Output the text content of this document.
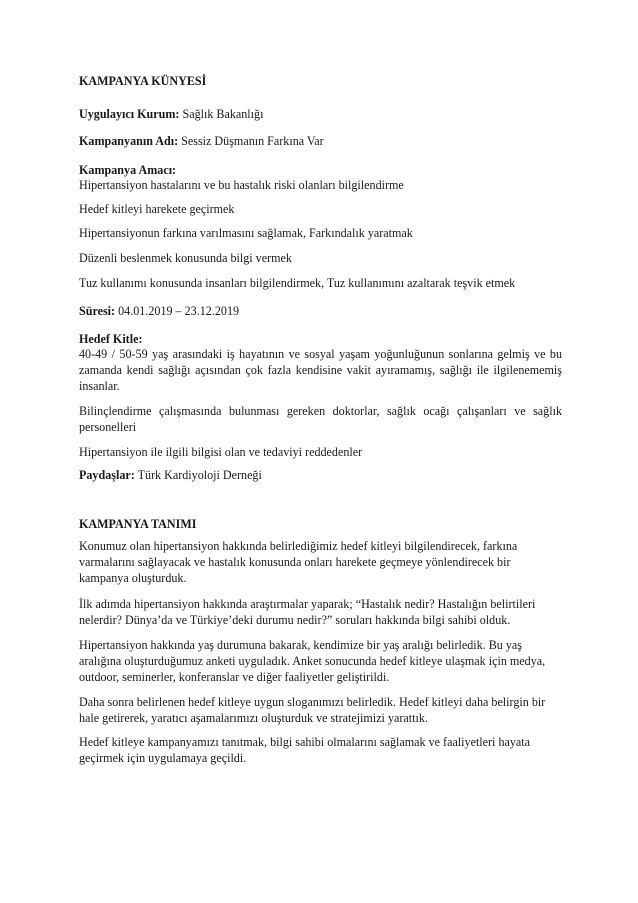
KAMPANYA KÜNYESİ

Uygulayıcı Kurum: Sağlık Bakanlığı

Kampanyanın Adı: Sessiz Düşmanın Farkına Var

Kampanya Amacı:

Hipertansiyon hastalarını ve bu hastalık riski olanları bilgilendirme

Hedef kitleyi harekete geçirmek

Hipertansiyonun farkına varılmasını sağlamak, Farkındalık yaratmak

Düzenli beslenmek konusunda bilgi vermek

Tuz kullanımı konusunda insanları bilgilendirmek, Tuz kullanımını azaltarak teşvik etmek

Süresi: 04.01.2019 – 23.12.2019

Hedef Kitle:

40-49 / 50-59 yaş arasındaki iş hayatının ve sosyal yaşam yoğunluğunun sonlarına gelmiş ve bu zamanda kendi sağlığı açısından çok fazla kendisine vakit ayıramamış, sağlığı ile ilgilenememiş insanlar.

Bilinçlendirme çalışmasında bulunması gereken doktorlar, sağlık ocağı çalışanları ve sağlık personelleri

Hipertansiyon ile ilgili bilgisi olan ve tedaviyi reddedenler

Paydaşlar: Türk Kardiyoloji Derneği

KAMPANYA TANIMI

Konumuz olan hipertansiyon hakkında belirlediğimiz hedef kitleyi bilgilendirecek, farkına varmalarını sağlayacak ve hastalık konusunda onları harekete geçmeye yönlendirecek bir kampanya oluşturduk.

İlk adımda hipertansiyon hakkında araştırmalar yaparak; “Hastalık nedir? Hastalığın belirtileri nelerdir? Dünya’da ve Türkiye’deki durumu nedir?” soruları hakkında bilgi sahibi olduk.

Hipertansiyon hakkında yaş durumuna bakarak, kendimize bir yaş aralığı belirledik. Bu yaş aralığına oluşturduğumuz anketi uyguladık. Anket sonucunda hedef kitleye ulaşmak için medya, outdoor, seminerler, konferanslar ve diğer faaliyetler geliştirildi.

Daha sonra belirlenen hedef kitleye uygun sloganımızı belirledik. Hedef kitleyi daha belirgin bir hale getirerek, yaratıcı aşamalarımızı oluşturduk ve stratejimizi yarattık.

Hedef kitleye kampanyamızı tanıtmak, bilgi sahibi olmalarını sağlamak ve faaliyetleri hayata geçirmek için uygulamaya geçildi.
